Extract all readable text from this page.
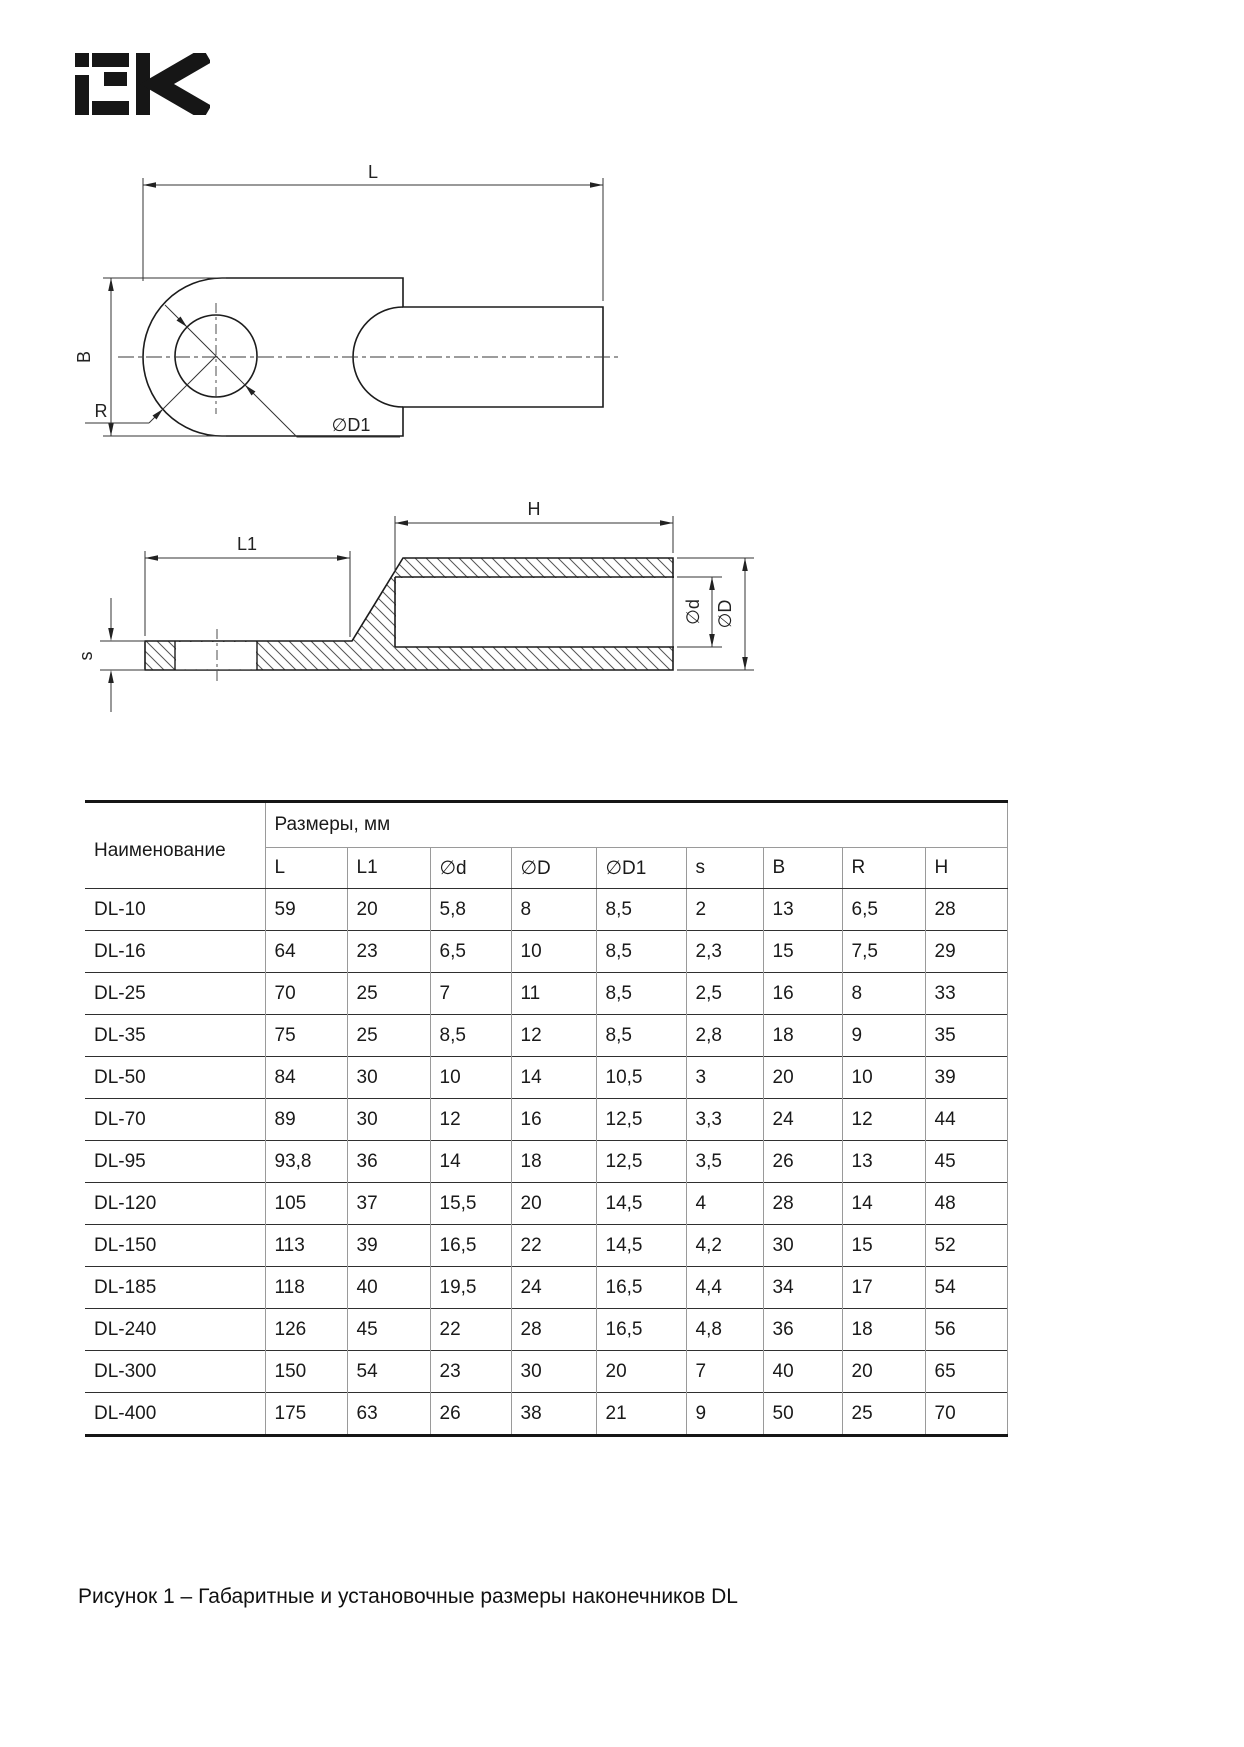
L
B
∅D1
R
L1
H
s
∅d ∅D
Наименование	Размеры, мм								
	L	L1	∅d	∅D	∅D1	s	B	R	H
DL-10	59	20	5,8	8	8,5	2	13	6,5	28
DL-16	64	23	6,5	10	8,5	2,3	15	7,5	29
DL-25	70	25	7	11	8,5	2,5	16	8	33
DL-35	75	25	8,5	12	8,5	2,8	18	9	35
DL-50	84	30	10	14	10,5	3	20	10	39
DL-70	89	30	12	16	12,5	3,3	24	12	44
DL-95	93,8	36	14	18	12,5	3,5	26	13	45
DL-120	105	37	15,5	20	14,5	4	28	14	48
DL-150	113	39	16,5	22	14,5	4,2	30	15	52
DL-185	118	40	19,5	24	16,5	4,4	34	17	54
DL-240	126	45	22	28	16,5	4,8	36	18	56
DL-300	150	54	23	30	20	7	40	20	65
DL-400	175	63	26	38	21	9	50	25	70
Рисунок 1 – Габаритные и установочные размеры наконечников DL
